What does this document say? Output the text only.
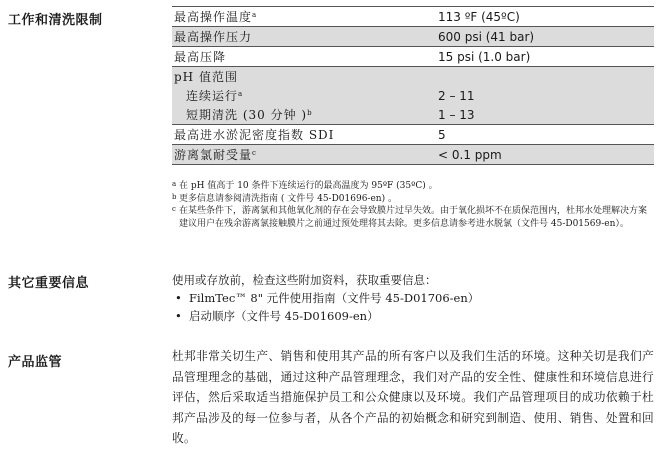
工作和清洗限制	最高操作温度$^a$	113 ºF (45ºC)
最高操作压力	600 psi (41 bar)
最高压降	15 psi (1.0 bar)
pH 值范围	
连续运行$^a$	2 – 11
短期清洗 (30 分钟 )$^b$	1 – 13
最高进水淤泥密度指数 SDI	5
游离氯耐受量$^c$	< 0.1 ppm
a 在 pH 值高于 10 条件下连续运行的最高温度为 95ºF (35ºC) 。
b 更多信息请参阅清洗指南 ( 文件号 45-D01696-en) 。
c 在某些条件下，游离氯和其他氧化剂的存在会导致膜片过早失效。由于氧化损坏不在质保范围内，杜邦水处理解决方案建议用户在残余游离氯接触膜片之前通过预处理将其去除。更多信息请参考进水脱氯（文件号 45-D01569-en）。
其它重要信息	使用或存放前，检查这些附加资料，获取重要信息：
• FilmTec™ 8" 元件使用指南（文件号 45-D01706-en）
• 启动顺序（文件号 45-D01609-en）
产品监管	杜邦非常关切生产、销售和使用其产品的所有客户以及我们生活的环境。这种关切是我们产品管理理念的基础，通过这种产品管理理念，我们对产品的安全性、健康性和环境信息进行评估，然后采取适当措施保护员工和公众健康以及环境。我们产品管理项目的成功依赖于杜邦产品涉及的每一位参与者，从各个产品的初始概念和研究到制造、使用、销售、处置和回收。
